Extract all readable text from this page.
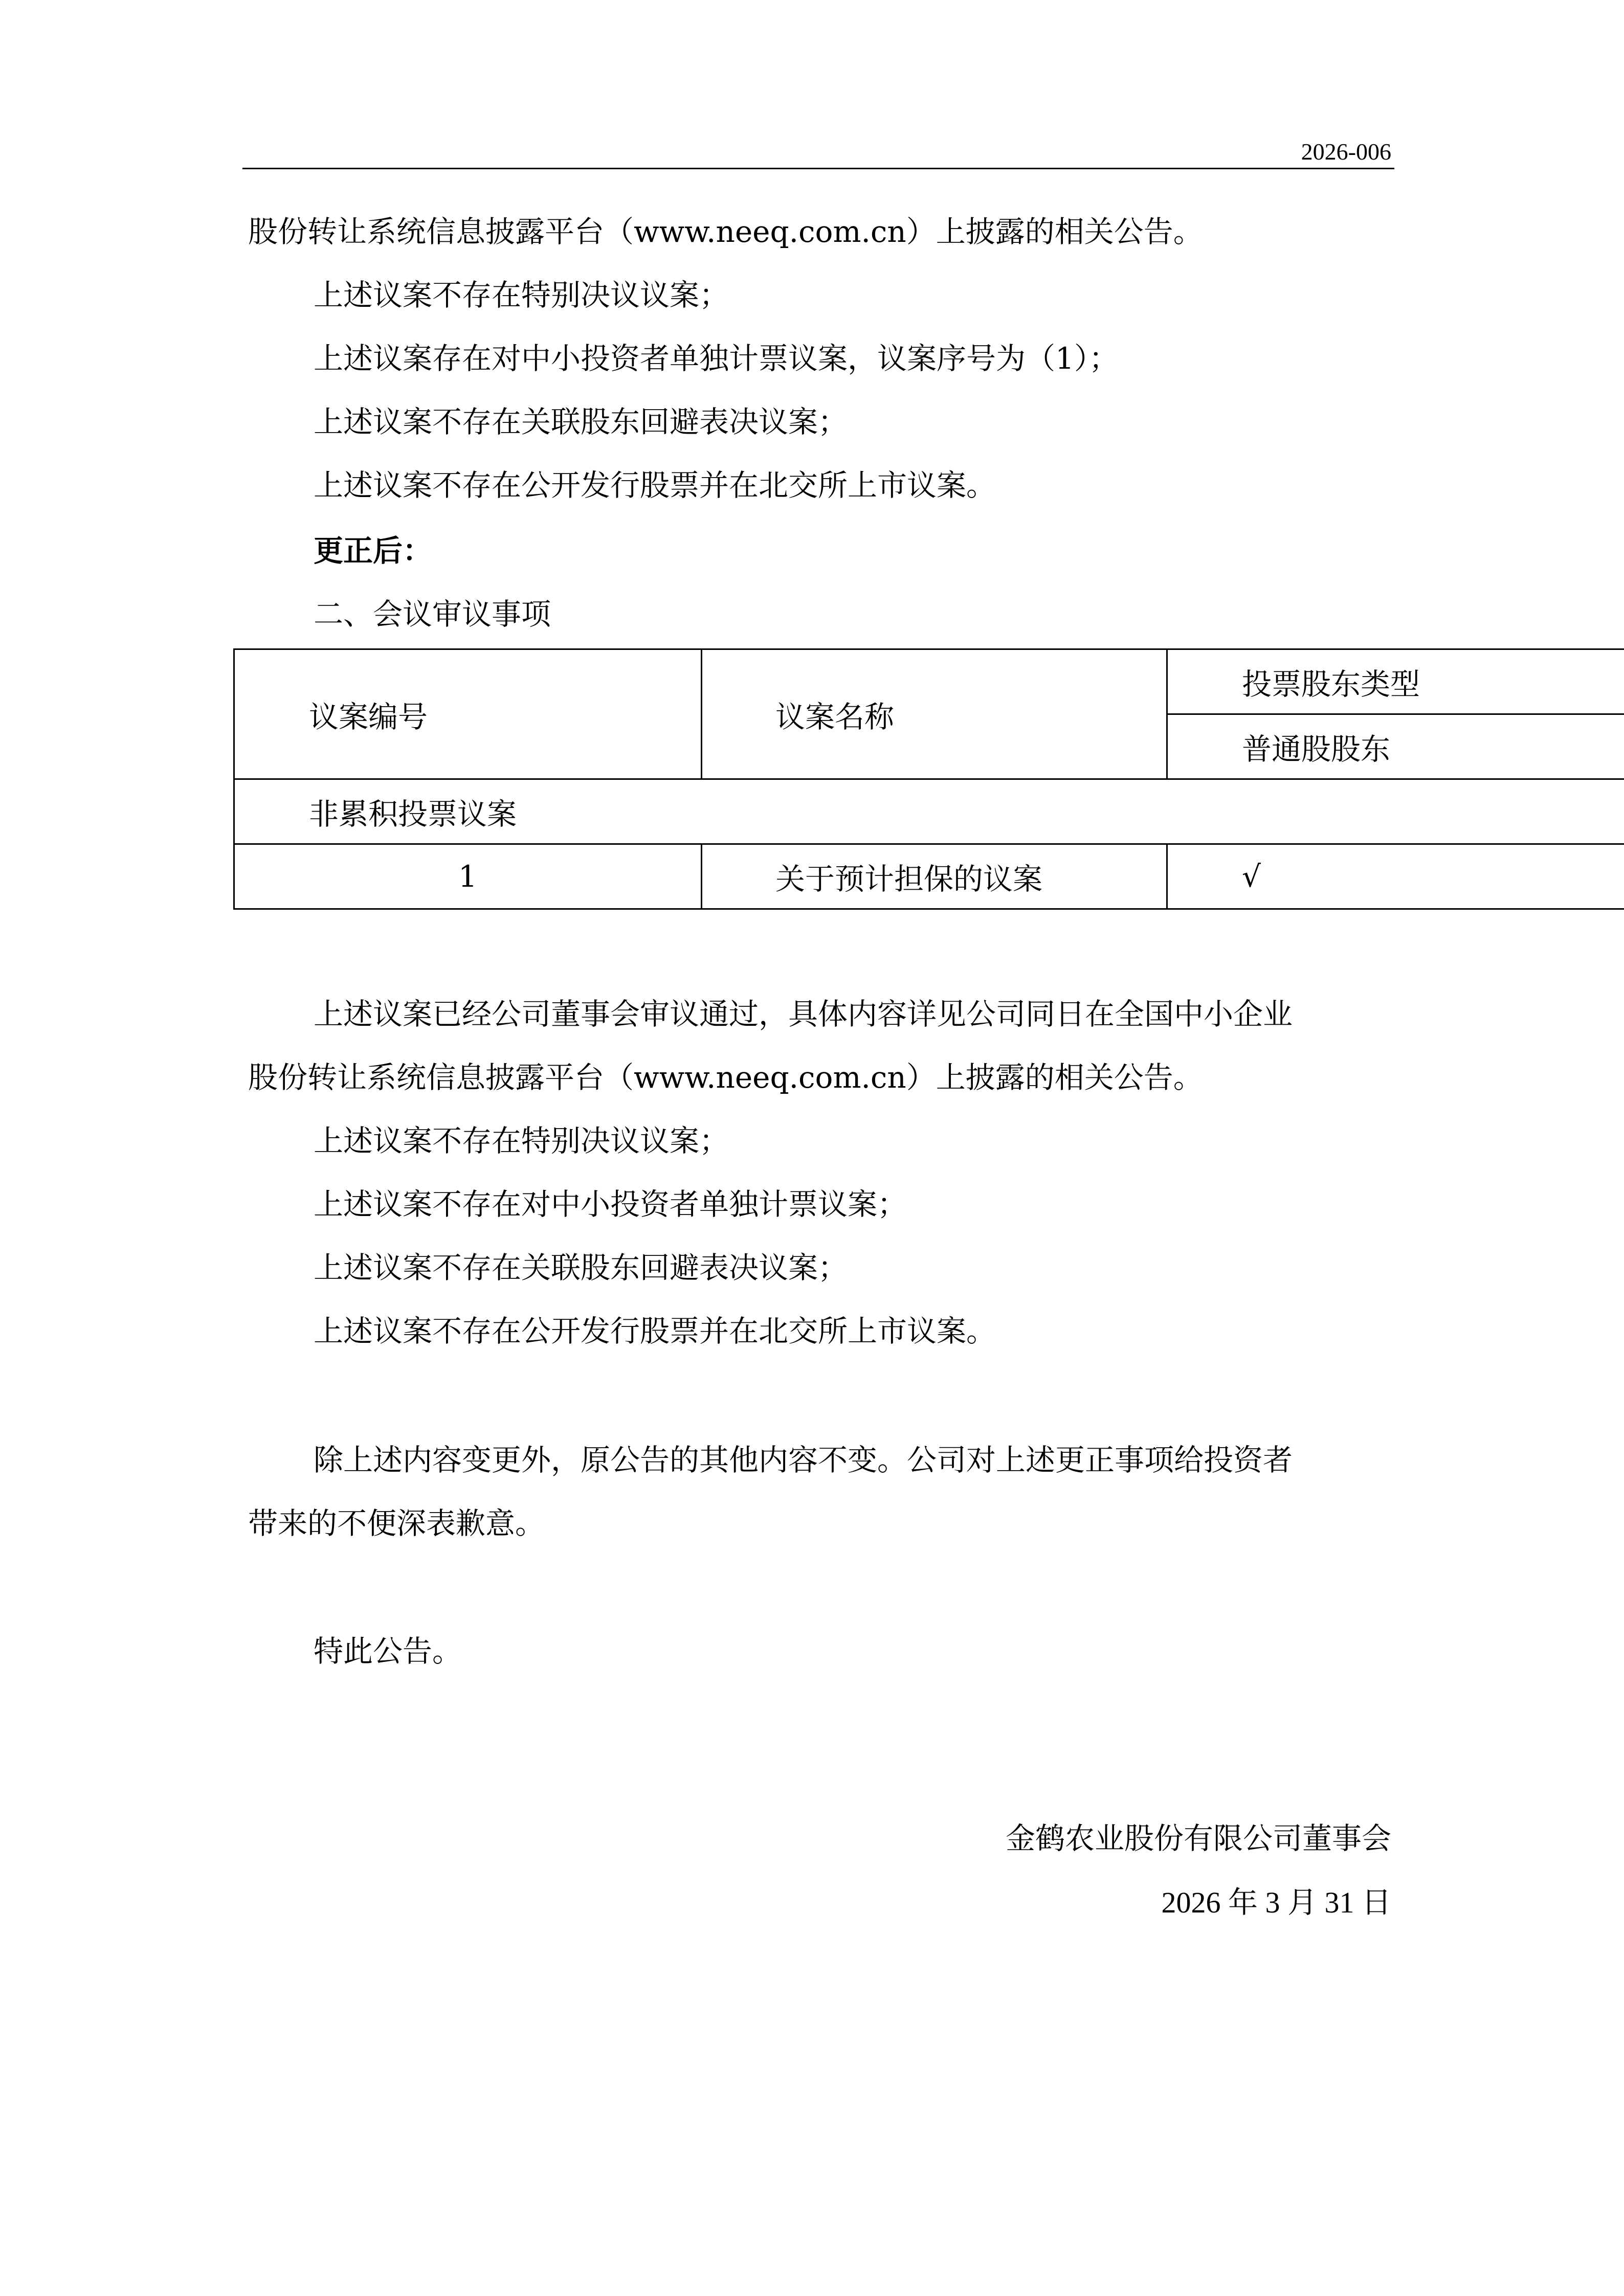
2026-006
股份转让系统信息披露平台（www.neeq.com.cn）上披露的相关公告。
上述议案不存在特别决议议案；
上述议案存在对中小投资者单独计票议案，议案序号为（1）；
上述议案不存在关联股东回避表决议案；
上述议案不存在公开发行股票并在北交所上市议案。
更正后：
二、会议审议事项
议案编号	议案名称	投票股东类型
		普通股股东
非累积投票议案		
1	关于预计担保的议案	√
上述议案已经公司董事会审议通过，具体内容详见公司同日在全国中小企业
股份转让系统信息披露平台（www.neeq.com.cn）上披露的相关公告。
上述议案不存在特别决议议案；
上述议案不存在对中小投资者单独计票议案；
上述议案不存在关联股东回避表决议案；
上述议案不存在公开发行股票并在北交所上市议案。
除上述内容变更外，原公告的其他内容不变。公司对上述更正事项给投资者
带来的不便深表歉意。
特此公告。
金鹤农业股份有限公司董事会
2026 年 3 月 31 日
